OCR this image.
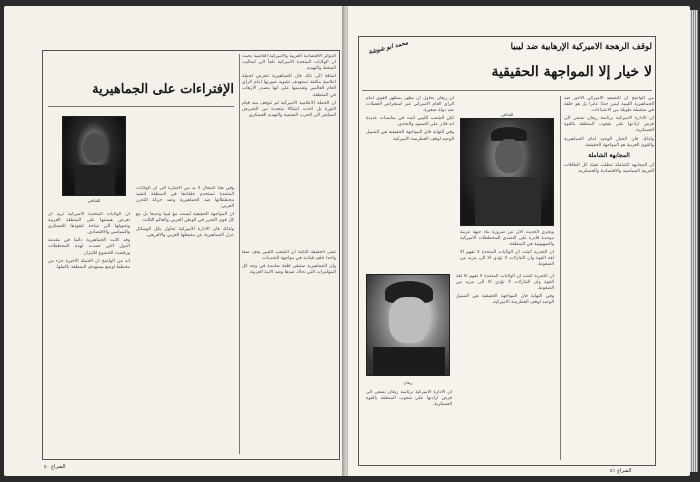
الدوائر الاقتصادية العربية والاميركية العالمية بحيث ان الولايات المتحدة الاميركية تلجأ الى اساليب الضغط والتهديد.

اضافة الى ذلك فان الجماهيرية تتعرض لحملة اعلامية مكثفة تستهدف تشويه صورتها امام الرأي العام العالمي وتقديمها على انها مصدر الارهاب في المنطقة.

ان الحملة الاعلامية الاميركية لم تتوقف منذ قيام الثورة بل اخذت اشكالا متعددة من التحريض المباشر الى الحرب النفسية والتهديد العسكري.

الإفتراءات على الجماهيرية
القذافي

وفي هذا المجال لا بد من الاشارة الى ان الولايات المتحدة تستخدم حلفاءها في المنطقة لتنفيذ مخططاتها ضد الجماهيرية وضد حركة التحرر العربي.

ان المواجهة الحقيقية ليست مع ليبيا وحدها بل مع كل قوى التحرر في الوطن العربي والعالم الثالث.

ولذلك فان الادارة الاميركية تحاول بكل الوسائل عزل الجماهيرية عن محيطها العربي والافريقي.

ان الولايات المتحدة الاميركية تريد ان تفرض هيمنتها على المنطقة العربية وتحويلها الى ساحة لنفوذها العسكري والسياسي والاقتصادي.

وقد كانت الجماهيرية دائما في مقدمة الدول التي تصدت لهذه المخططات ورفضت الخضوع للابتزاز.

انه من الواضح ان الحملة الاخيرة جزء من مخطط اوسع يستهدف المنطقة باكملها.

تبقى الحقيقة الثابتة ان الشعب الليبي يقف صفا واحدا خلف قيادته في مواجهة التحديات.

وان الجماهيرية ستبقى قلعة صامدة في وجه كل المؤامرات التي تحاك ضدها وضد الامة العربية.

الشراع ٤٠
محمد ابو شوشة	لوقف الرهجة الاميركية الإرهابية ضد ليبيا
لا خيار إلا المواجهة الحقيقية

من الواضح ان التصعيد الاميركي الاخير ضد الجماهيرية الليبية ليس حدثا عابرا بل هو حلقة في سلسلة طويلة من الاعتداءات.

ان الادارة الاميركية برئاسة ريغان تسعى الى فرض ارادتها على شعوب المنطقة بالقوة العسكرية.

ولذلك فان الخيار الوحيد امام الجماهيرية والقوى العربية هو المواجهة الحقيقية.

المجابهة الشاملة

ان المجابهة الشاملة تتطلب تعبئة كل الطاقات العربية السياسية والاقتصادية والعسكرية.

القذافي

ويجري الحديث الآن عن ضرورة بناء جبهة عربية موحدة قادرة على التصدي للمخططات الاميركية والصهيونية في المنطقة.

ان التجربة اثبتت ان الولايات المتحدة لا تفهم الا لغة القوة وان التنازلات لا تؤدي الا الى مزيد من الضغوط.

ريغان

ان ريغان يحاول ان يظهر بمظهر القوي امام الرأي العام الاميركي عبر استعراض العضلات ضد دولة صغيرة.

لكن الشعب الليبي اثبت في مناسبات عديدة انه قادر على الصمود والتحدي.

وفي النهاية فان المواجهة الحقيقية هي السبيل الوحيد لوقف الغطرسة الاميركية.

ان التجربة اثبتت ان الولايات المتحدة لا تفهم الا لغة القوة وان التنازلات لا تؤدي الا الى مزيد من الضغوط.

وفي النهاية فان المواجهة الحقيقية هي السبيل الوحيد لوقف الغطرسة الاميركية.

ان الادارة الاميركية برئاسة ريغان تسعى الى فرض ارادتها على شعوب المنطقة بالقوة العسكرية.

الشراع ٤١
